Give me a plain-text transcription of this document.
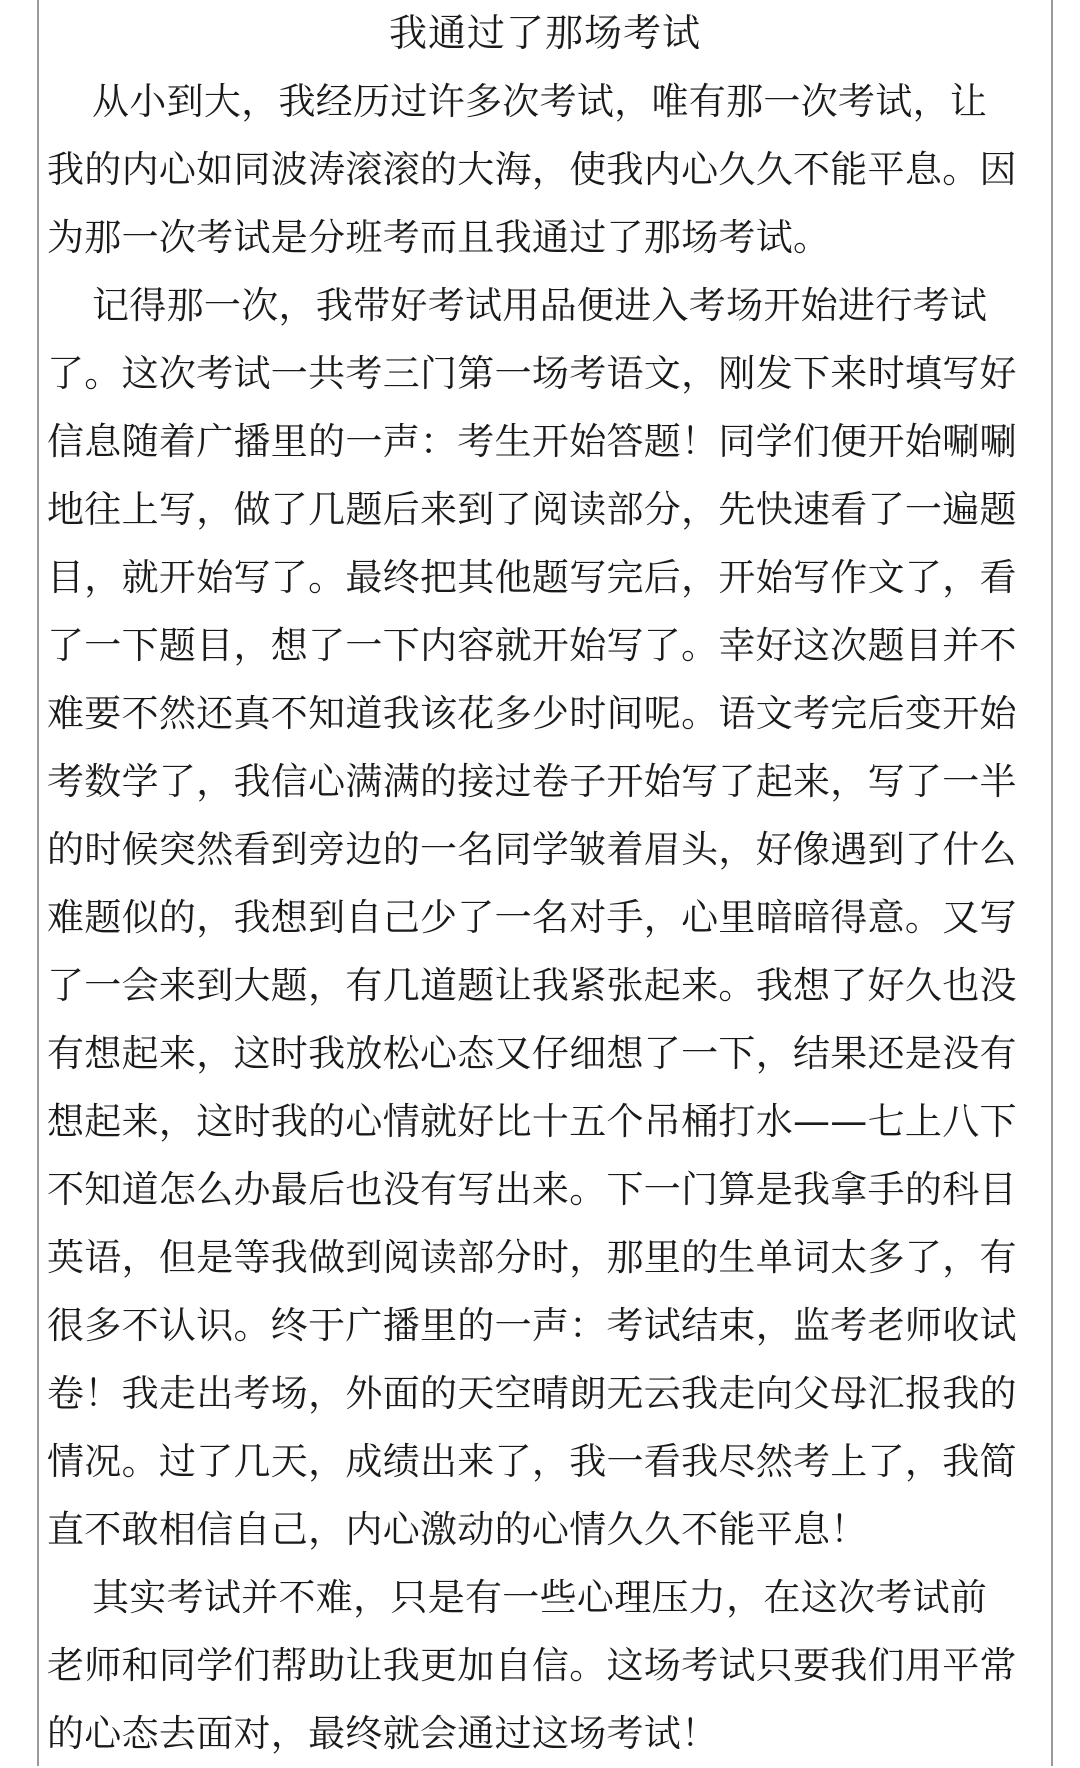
我通过了那场考试
从小到大，我经历过许多次考试，唯有那一次考试，让
我的内心如同波涛滚滚的大海，使我内心久久不能平息。因
为那一次考试是分班考而且我通过了那场考试。
记得那一次，我带好考试用品便进入考场开始进行考试
了。这次考试一共考三门第一场考语文，刚发下来时填写好
信息随着广播里的一声：考生开始答题！同学们便开始唰唰
地往上写，做了几题后来到了阅读部分，先快速看了一遍题
目，就开始写了。最终把其他题写完后，开始写作文了，看
了一下题目，想了一下内容就开始写了。幸好这次题目并不
难要不然还真不知道我该花多少时间呢。语文考完后变开始
考数学了，我信心满满的接过卷子开始写了起来，写了一半
的时候突然看到旁边的一名同学皱着眉头，好像遇到了什么
难题似的，我想到自己少了一名对手，心里暗暗得意。又写
了一会来到大题，有几道题让我紧张起来。我想了好久也没
有想起来，这时我放松心态又仔细想了一下，结果还是没有
想起来，这时我的心情就好比十五个吊桶打水——七上八下
不知道怎么办最后也没有写出来。下一门算是我拿手的科目
英语，但是等我做到阅读部分时，那里的生单词太多了，有
很多不认识。终于广播里的一声：考试结束，监考老师收试
卷！我走出考场，外面的天空晴朗无云我走向父母汇报我的
情况。过了几天，成绩出来了，我一看我尽然考上了，我简
直不敢相信自己，内心激动的心情久久不能平息！
其实考试并不难，只是有一些心理压力，在这次考试前
老师和同学们帮助让我更加自信。这场考试只要我们用平常
的心态去面对，最终就会通过这场考试！
